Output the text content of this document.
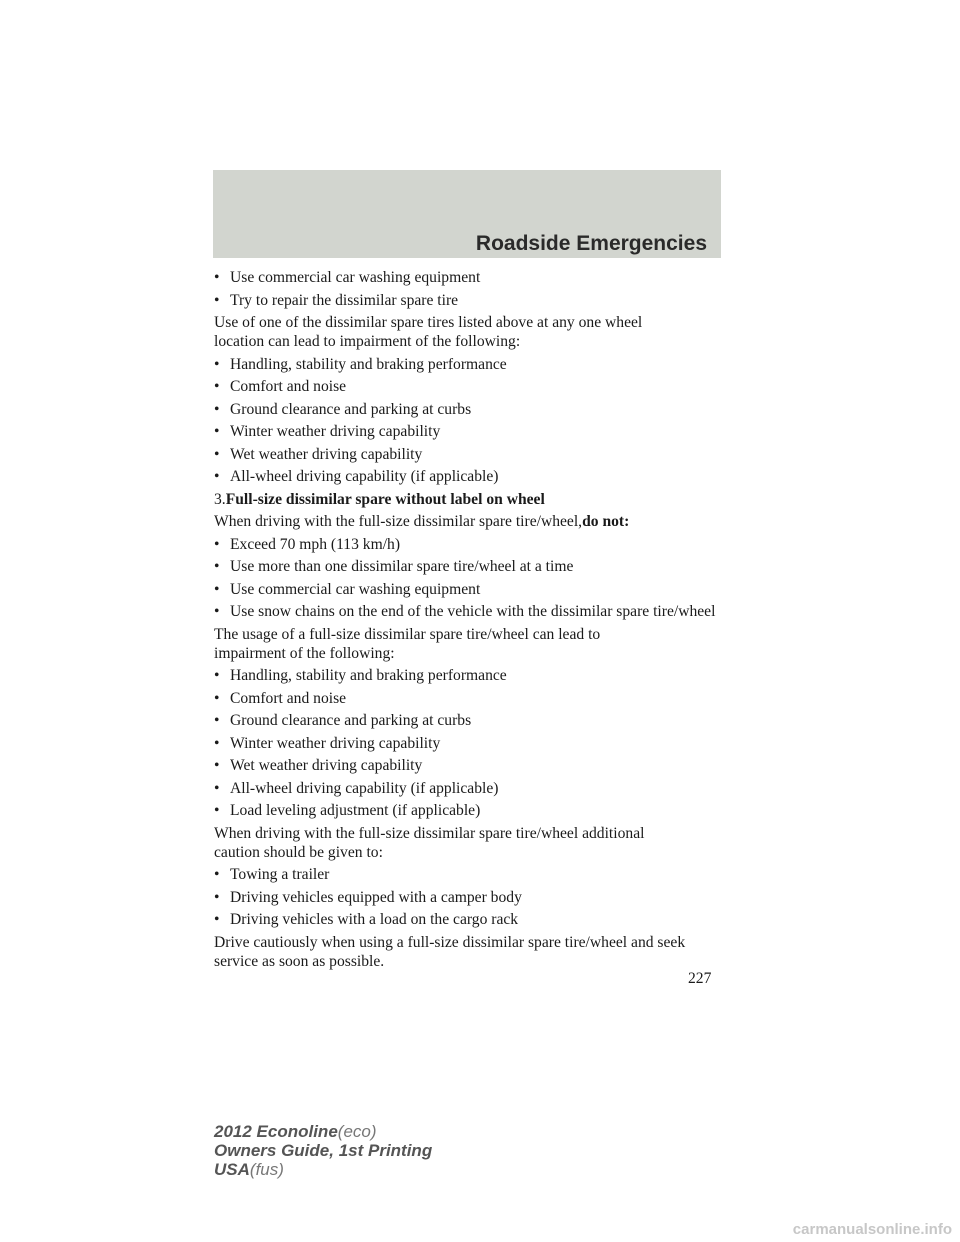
Roadside Emergencies
• Use commercial car washing equipment
• Try to repair the dissimilar spare tire

Use of one of the dissimilar spare tires listed above at any one wheel location can lead to impairment of the following:

• Handling, stability and braking performance
• Comfort and noise
• Ground clearance and parking at curbs
• Winter weather driving capability
• Wet weather driving capability
• All-wheel driving capability (if applicable)

3.Full-size dissimilar spare without label on wheel

When driving with the full-size dissimilar spare tire/wheel,do not:

• Exceed 70 mph (113 km/h)
• Use more than one dissimilar spare tire/wheel at a time
• Use commercial car washing equipment
• Use snow chains on the end of the vehicle with the dissimilar spare tire/wheel

The usage of a full-size dissimilar spare tire/wheel can lead to impairment of the following:

• Handling, stability and braking performance
• Comfort and noise
• Ground clearance and parking at curbs
• Winter weather driving capability
• Wet weather driving capability
• All-wheel driving capability (if applicable)
• Load leveling adjustment (if applicable)

When driving with the full-size dissimilar spare tire/wheel additional caution should be given to:

• Towing a trailer
• Driving vehicles equipped with a camper body
• Driving vehicles with a load on the cargo rack

Drive cautiously when using a full-size dissimilar spare tire/wheel and seek service as soon as possible.

227
2012 Econoline(eco)
Owners Guide, 1st Printing
USA(fus)
carmanualsonline.info
